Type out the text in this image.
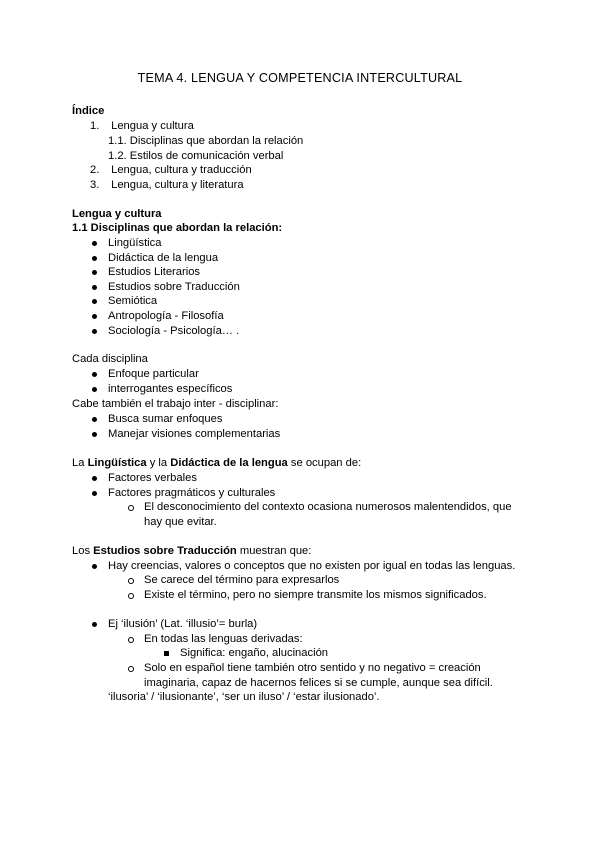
TEMA 4. LENGUA Y COMPETENCIA INTERCULTURAL
Índice
1. Lengua y cultura
1.1. Disciplinas que abordan la relación
1.2. Estilos de comunicación verbal
2. Lengua, cultura y traducción
3. Lengua, cultura y literatura
Lengua y cultura
1.1 Disciplinas que abordan la relación:
Lingüística
Didáctica de la lengua
Estudios Literarios
Estudios sobre Traducción
Semiótica
Antropología - Filosofía
Sociología - Psicología… .
Cada disciplina
Enfoque particular
interrogantes específicos
Cabe también el trabajo inter - disciplinar:
Busca sumar enfoques
Manejar visiones complementarias
La Lingüística y la Didáctica de la lengua se ocupan de:
Factores verbales
Factores pragmáticos y culturales
El desconocimiento del contexto ocasiona numerosos malentendidos, que
hay que evitar.
Los Estudios sobre Traducción muestran que:
Hay creencias, valores o conceptos que no existen por igual en todas las lenguas.
Se carece del término para expresarlos
Existe el término, pero no siempre transmite los mismos significados.
Ej ‘ilusión’ (Lat. ‘illusio’= burla)
En todas las lenguas derivadas:
Significa: engaño, alucinación
Solo en español tiene también otro sentido y no negativo = creación
imaginaria, capaz de hacernos felices si se cumple, aunque sea difícil.
‘ilusoria’ / ‘ilusionante’, ‘ser un iluso’ / ‘estar ilusionado’.
